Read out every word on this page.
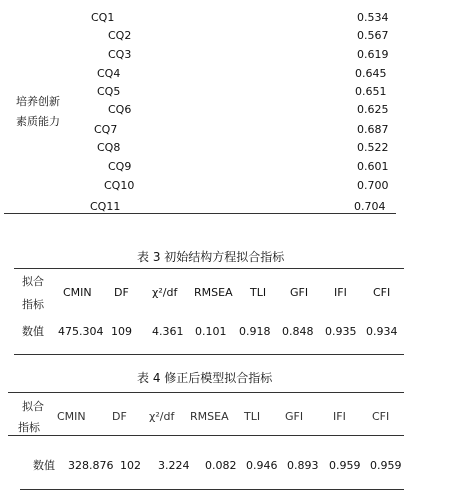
培养创新
素质能力
CQ1
CQ2
CQ3
CQ4
CQ5
CQ6
CQ7
CQ8
CQ9
CQ10
CQ11
0.534
0.567
0.619
0.645
0.651
0.625
0.687
0.522
0.601
0.700
0.704
表 3 初始结构方程拟合指标
拟合
指标
CMIN DF χ²/df RMSEA TLI GFI IFI CFI
数值 475.304 109 4.361 0.101 0.918 0.848 0.935 0.934
表 4 修正后模型拟合指标
拟合
指标
CMIN DF χ²/df RMSEA TLI GFI	IFI CFI
数值 328.876 102 3.224 0.082 0.946 0.893 0.959 0.959
